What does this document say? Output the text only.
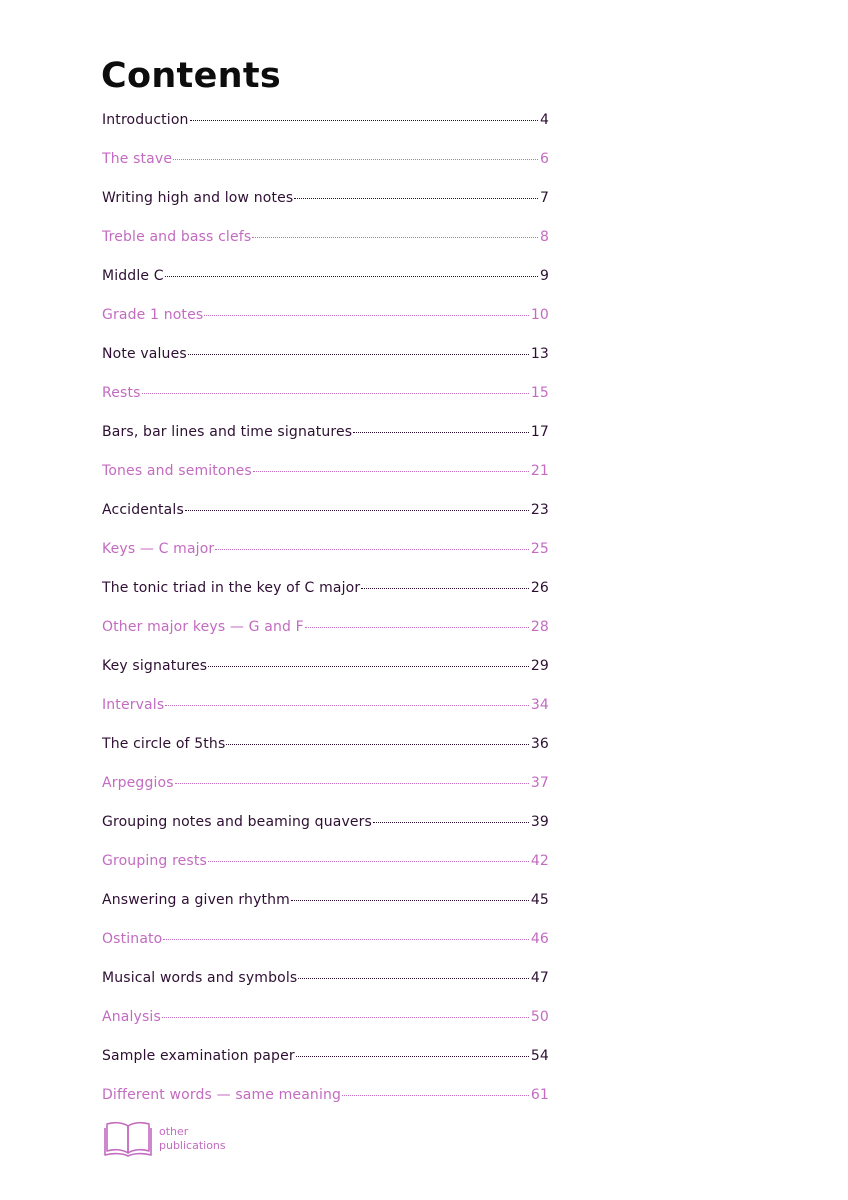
Contents
Introduction	4
The stave	6
Writing high and low notes	7
Treble and bass clefs	8
Middle C	9
Grade 1 notes	10
Note values	13
Rests	15
Bars, bar lines and time signatures	17
Tones and semitones	21
Accidentals	23
Keys — C major	25
The tonic triad in the key of C major	26
Other major keys — G and F	28
Key signatures	29
Intervals	34
The circle of 5ths	36
Arpeggios	37
Grouping notes and beaming quavers	39
Grouping rests	42
Answering a given rhythm	45
Ostinato	46
Musical words and symbols	47
Analysis	50
Sample examination paper	54
Different words — same meaning	61
other
publications
